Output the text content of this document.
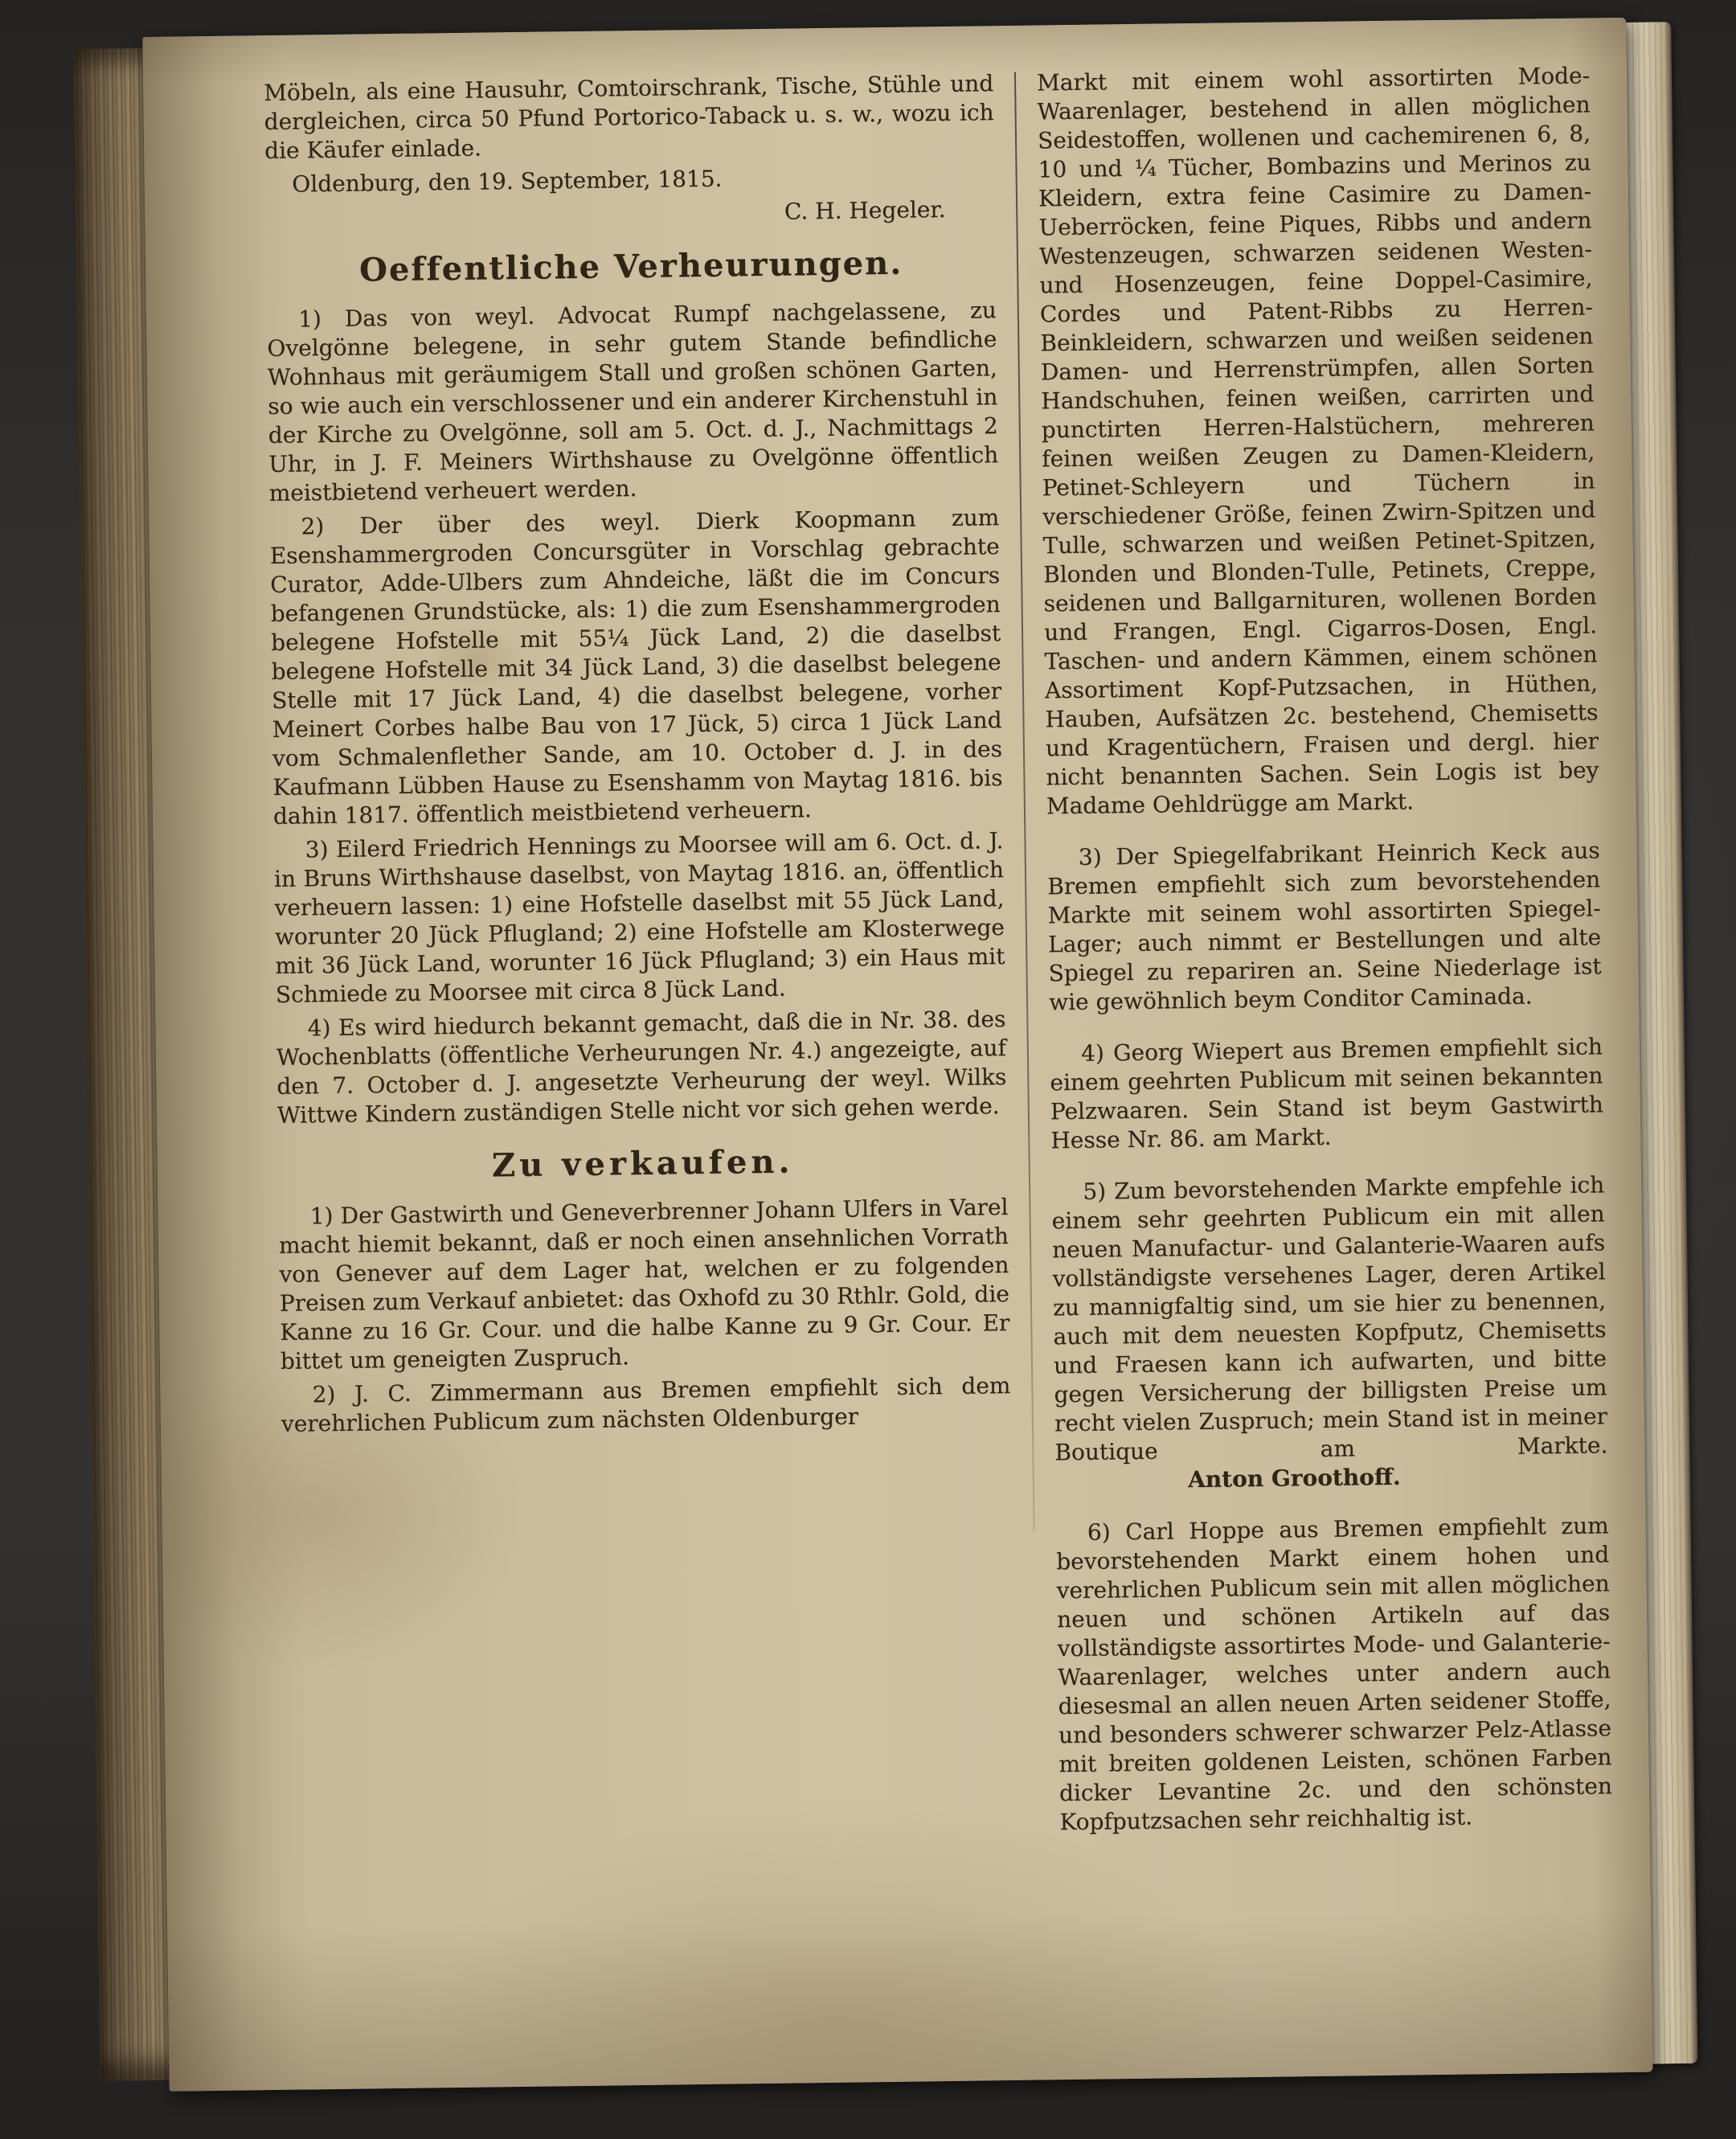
Möbeln, als eine Hausuhr, Comtoirschrank, Tische, Stühle und dergleichen, circa 50 Pfund Portorico-Taback u. s. w., wozu ich die Käufer einlade.

Oldenburg, den 19. September, 1815.

C. H. Hegeler.

Oeffentliche Verheurungen.

1) Das von weyl. Advocat Rumpf nachgelassene, zu Ovelgönne belegene, in sehr gutem Stande befindliche Wohnhaus mit geräumigem Stall und großen schönen Garten, so wie auch ein verschlossener und ein anderer Kirchenstuhl in der Kirche zu Ovelgönne, soll am 5. Oct. d. J., Nachmittags 2 Uhr, in J. F. Meiners Wirthshause zu Ovelgönne öffentlich meistbietend verheuert werden.

2) Der über des weyl. Dierk Koopmann zum Esenshammergroden Concursgüter in Vorschlag gebrachte Curator, Adde-Ulbers zum Ahndeiche, läßt die im Concurs befangenen Grundstücke, als: 1) die zum Esenshammergroden belegene Hofstelle mit 55¼ Jück Land, 2) die daselbst belegene Hofstelle mit 34 Jück Land, 3) die daselbst belegene Stelle mit 17 Jück Land, 4) die daselbst belegene, vorher Meinert Corbes halbe Bau von 17 Jück, 5) circa 1 Jück Land vom Schmalenflether Sande, am 10. October d. J. in des Kaufmann Lübben Hause zu Esenshamm von Maytag 1816. bis dahin 1817. öffentlich meistbietend verheuern.

3) Eilerd Friedrich Hennings zu Moorsee will am 6. Oct. d. J. in Bruns Wirthshause daselbst, von Maytag 1816. an, öffentlich verheuern lassen: 1) eine Hofstelle daselbst mit 55 Jück Land, worunter 20 Jück Pflugland; 2) eine Hofstelle am Klosterwege mit 36 Jück Land, worunter 16 Jück Pflugland; 3) ein Haus mit Schmiede zu Moorsee mit circa 8 Jück Land.

4) Es wird hiedurch bekannt gemacht, daß die in Nr. 38. des Wochenblatts (öffentliche Verheurungen Nr. 4.) angezeigte, auf den 7. October d. J. angesetzte Verheurung der weyl. Wilks Wittwe Kindern zuständigen Stelle nicht vor sich gehen werde.

Zu verkaufen.

1) Der Gastwirth und Geneverbrenner Johann Ulfers in Varel macht hiemit bekannt, daß er noch einen ansehnlichen Vorrath von Genever auf dem Lager hat, welchen er zu folgenden Preisen zum Verkauf anbietet: das Oxhofd zu 30 Rthlr. Gold, die Kanne zu 16 Gr. Cour. und die halbe Kanne zu 9 Gr. Cour. Er bittet um geneigten Zuspruch.

2) J. C. Zimmermann aus Bremen empfiehlt sich dem verehrlichen Publicum zum nächsten Oldenburger

Markt mit einem wohl assortirten Mode-Waarenlager, bestehend in allen möglichen Seidestoffen, wollenen und cachemirenen 6, 8, 10 und ¼ Tücher, Bombazins und Merinos zu Kleidern, extra feine Casimire zu Damen-Ueberröcken, feine Piques, Ribbs und andern Westenzeugen, schwarzen seidenen Westen- und Hosenzeugen, feine Doppel-Casimire, Cordes und Patent-Ribbs zu Herren-Beinkleidern, schwarzen und weißen seidenen Damen- und Herrenstrümpfen, allen Sorten Handschuhen, feinen weißen, carrirten und punctirten Herren-Halstüchern, mehreren feinen weißen Zeugen zu Damen-Kleidern, Petinet-Schleyern und Tüchern in verschiedener Größe, feinen Zwirn-Spitzen und Tulle, schwarzen und weißen Petinet-Spitzen, Blonden und Blonden-Tulle, Petinets, Creppe, seidenen und Ballgarnituren, wollenen Borden und Frangen, Engl. Cigarros-Dosen, Engl. Taschen- und andern Kämmen, einem schönen Assortiment Kopf-Putzsachen, in Hüthen, Hauben, Aufsätzen 2c. bestehend, Chemisetts und Kragentüchern, Fraisen und dergl. hier nicht benannten Sachen. Sein Logis ist bey Madame Oehldrügge am Markt.

3) Der Spiegelfabrikant Heinrich Keck aus Bremen empfiehlt sich zum bevorstehenden Markte mit seinem wohl assortirten Spiegel-Lager; auch nimmt er Bestellungen und alte Spiegel zu repariren an. Seine Niederlage ist wie gewöhnlich beym Conditor Caminada.

4) Georg Wiepert aus Bremen empfiehlt sich einem geehrten Publicum mit seinen bekannten Pelzwaaren. Sein Stand ist beym Gastwirth Hesse Nr. 86. am Markt.

5) Zum bevorstehenden Markte empfehle ich einem sehr geehrten Publicum ein mit allen neuen Manufactur- und Galanterie-Waaren aufs vollständigste versehenes Lager, deren Artikel zu mannigfaltig sind, um sie hier zu benennen, auch mit dem neuesten Kopfputz, Chemisetts und Fraesen kann ich aufwarten, und bitte gegen Versicherung der billigsten Preise um recht vielen Zuspruch; mein Stand ist in meiner Boutique am Markte.Anton Groothoff.

6) Carl Hoppe aus Bremen empfiehlt zum bevorstehenden Markt einem hohen und verehrlichen Publicum sein mit allen möglichen neuen und schönen Artikeln auf das vollständigste assortirtes Mode- und Galanterie-Waarenlager, welches unter andern auch diesesmal an allen neuen Arten seidener Stoffe, und besonders schwerer schwarzer Pelz-Atlasse mit breiten goldenen Leisten, schönen Farben dicker Levantine 2c. und den schönsten Kopfputzsachen sehr reichhaltig ist.
